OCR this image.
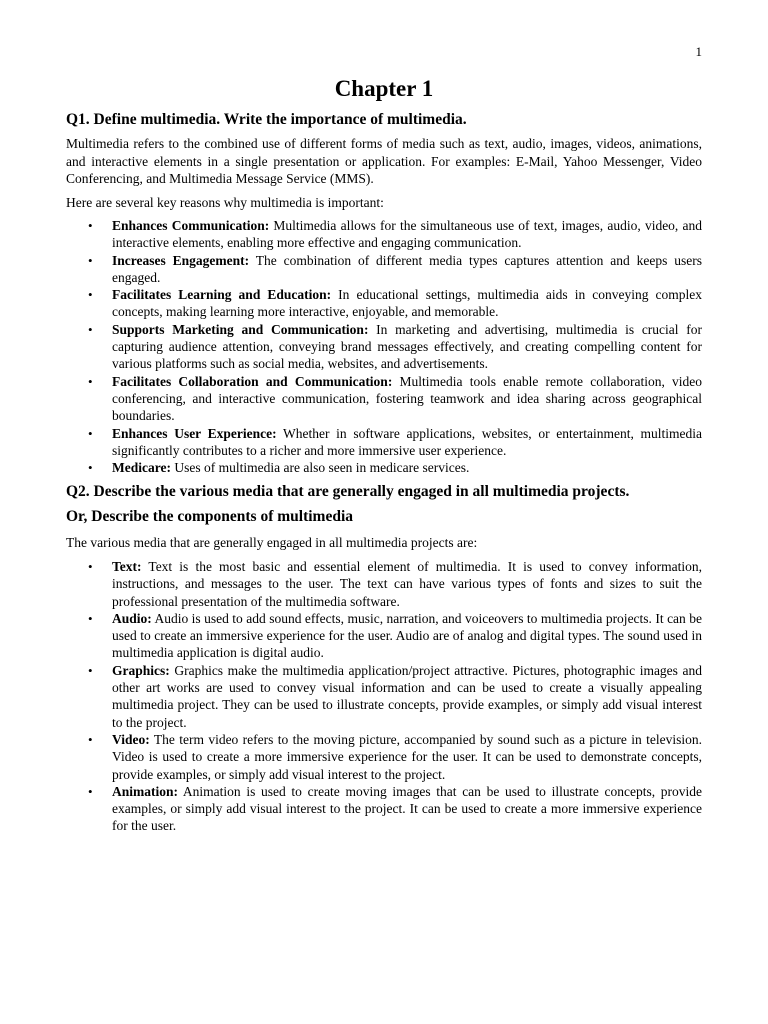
1
Chapter 1
Q1. Define multimedia. Write the importance of multimedia.

Multimedia refers to the combined use of different forms of media such as text, audio, images, videos, animations, and interactive elements in a single presentation or application. For examples: E-Mail, Yahoo Messenger, Video Conferencing, and Multimedia Message Service (MMS).

Here are several key reasons why multimedia is important:

• Enhances Communication: Multimedia allows for the simultaneous use of text, images, audio, video, and interactive elements, enabling more effective and engaging communication.
• Increases Engagement: The combination of different media types captures attention and keeps users engaged.
• Facilitates Learning and Education: In educational settings, multimedia aids in conveying complex concepts, making learning more interactive, enjoyable, and memorable.
• Supports Marketing and Communication: In marketing and advertising, multimedia is crucial for capturing audience attention, conveying brand messages effectively, and creating compelling content for various platforms such as social media, websites, and advertisements.
• Facilitates Collaboration and Communication: Multimedia tools enable remote collaboration, video conferencing, and interactive communication, fostering teamwork and idea sharing across geographical boundaries.
• Enhances User Experience: Whether in software applications, websites, or entertainment, multimedia significantly contributes to a richer and more immersive user experience.
• Medicare: Uses of multimedia are also seen in medicare services.
Q2. Describe the various media that are generally engaged in all multimedia projects.
Or, Describe the components of multimedia

The various media that are generally engaged in all multimedia projects are:

• Text: Text is the most basic and essential element of multimedia. It is used to convey information, instructions, and messages to the user. The text can have various types of fonts and sizes to suit the professional presentation of the multimedia software.
• Audio: Audio is used to add sound effects, music, narration, and voiceovers to multimedia projects. It can be used to create an immersive experience for the user. Audio are of analog and digital types. The sound used in multimedia application is digital audio.
• Graphics: Graphics make the multimedia application/project attractive. Pictures, photographic images and other art works are used to convey visual information and can be used to create a visually appealing multimedia project. They can be used to illustrate concepts, provide examples, or simply add visual interest to the project.
• Video: The term video refers to the moving picture, accompanied by sound such as a picture in television. Video is used to create a more immersive experience for the user. It can be used to demonstrate concepts, provide examples, or simply add visual interest to the project.
• Animation: Animation is used to create moving images that can be used to illustrate concepts, provide examples, or simply add visual interest to the project. It can be used to create a more immersive experience for the user.
